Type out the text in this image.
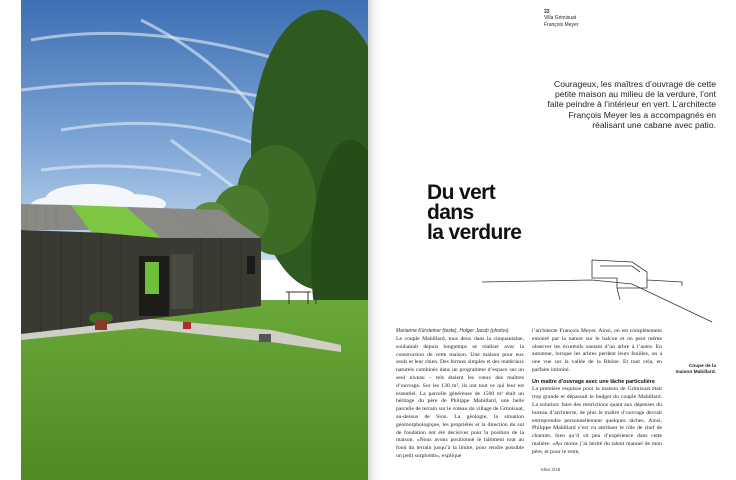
33
Villa Grimisuat
François Meyer
Courageux, les maîtres d’ouvrage de cette petite maison au milieu de la verdure, l’ont faite peindre à l’intérieur en vert. L’architecte François Meyer les a accompagnés en réalisant une cabane avec patio.
Du vert
dans
la verdure
Coupe de la
maison Mabillard.
Marianne Kürsteiner (texte), Holger Jacob (photos)

Le couple Mabillard, tous deux dans la cinquantaine, souhaitait depuis longtemps se réaliser avec la construction de cette maison. Une maison pour eux seuls et leur chien. Des formes simples et des matériaux naturels combinés dans un programme d’espace sur un seul niveau – tels étaient les vœux des maîtres d’ouvrage. Sur les 130 m², ils ont tout ce qui leur est essentiel. La parcelle généreuse de 1500 m² était un héritage du père de Philippe Mabillard, une belle parcelle de terrain sur le coteau du village de Grimisuat, au-dessus de Sion. La géologie, la situation géomorphologique, les propriétés et la direction du sol de fondation ont été décisives pour la position de la maison. «Nous avons positionné le bâtiment tout au fond du terrain jusqu’à la limite, pour rendre possible un petit surplomb», explique

l’architecte François Meyer. Ainsi, on est complètement entouré par la nature sur le balcon et on peut même observer les écureuils sautant d’un arbre à l’autre. En automne, lorsque les arbres perdent leurs feuilles, on a une vue sur la vallée de la Rhône. Et tout cela, en parfaite intimité.

Un maître d’ouvrage avec une tâche particulière

La première esquisse pour la maison de Grimisuat était trop grande et dépassait le budget du couple Mabillard. La solution: faire des restrictions quant aux dépenses du bureau d’architecte, de plus le maître d’ouvrage devrait entreprendre personnellement quelques tâches. Ainsi, Philippe Mabillard s’est vu attribuer le rôle de chef de chantier, bien qu’il sit peu d’expérience dans cette matière. «Au moins j’ai hérité du talent manuel de mon père, et pour le reste,

Idea 3/16
